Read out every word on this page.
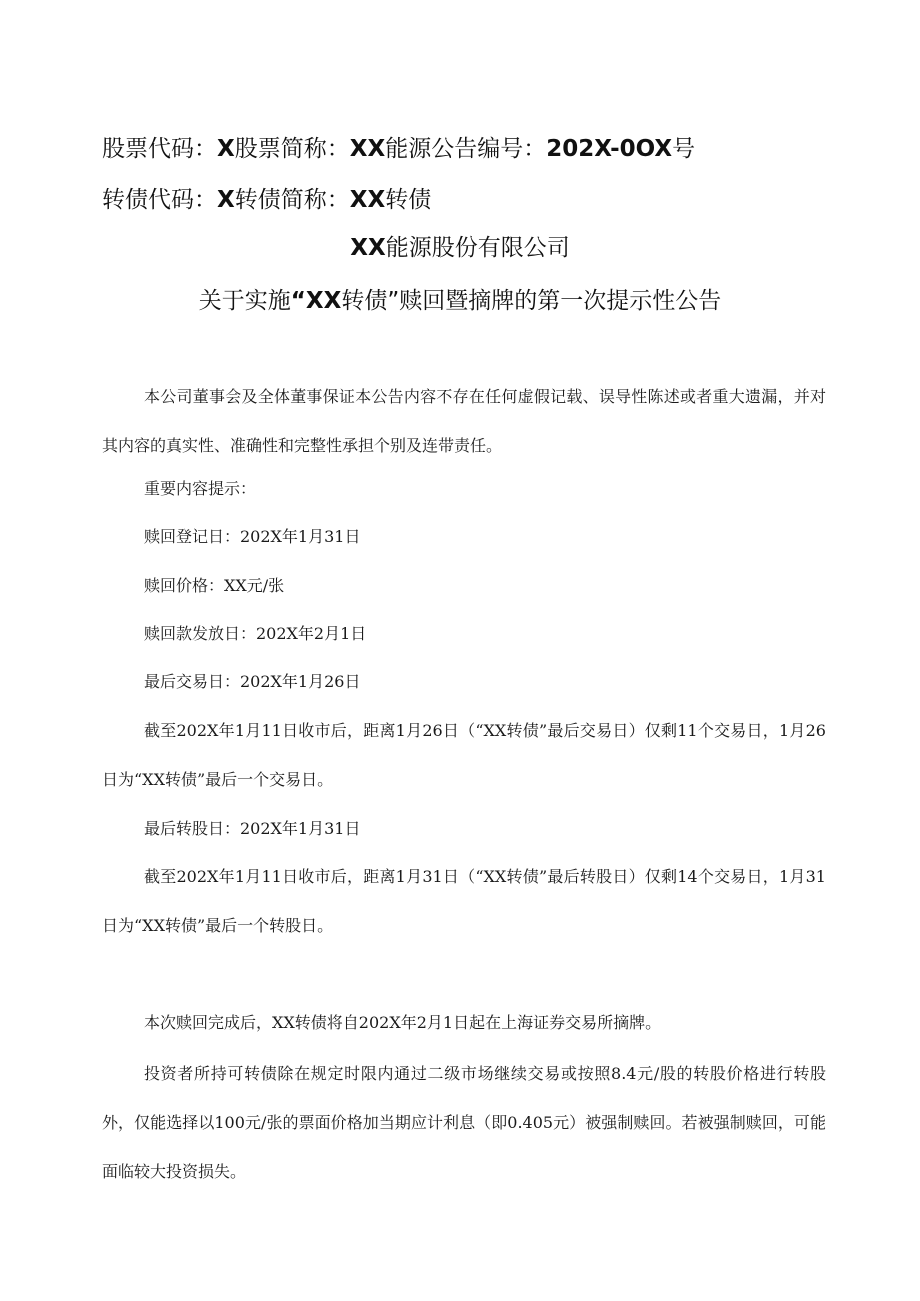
股票代码：X股票简称：XX能源公告编号：202X-0OX号
转债代码：X转债简称：XX转债
XX能源股份有限公司
关于实施“XX转债”赎回暨摘牌的第一次提示性公告
本公司董事会及全体董事保证本公告内容不存在任何虚假记载、误导性陈述或者重大遗漏，并对其内容的真实性、准确性和完整性承担个别及连带责任。
重要内容提示：
赎回登记日：202X年1月31日
赎回价格：XX元/张
赎回款发放日：202X年2月1日
最后交易日：202X年1月26日
截至202X年1月11日收市后，距离1月26日（“XX转债”最后交易日）仅剩11个交易日，1月26日为“XX转债”最后一个交易日。
最后转股日：202X年1月31日
截至202X年1月11日收市后，距离1月31日（“XX转债”最后转股日）仅剩14个交易日，1月31日为“XX转债”最后一个转股日。
本次赎回完成后，XX转债将自202X年2月1日起在上海证券交易所摘牌。
投资者所持可转债除在规定时限内通过二级市场继续交易或按照8.4元/股的转股价格进行转股外，仅能选择以100元/张的票面价格加当期应计利息（即0.405元）被强制赎回。若被强制赎回，可能面临较大投资损失。
